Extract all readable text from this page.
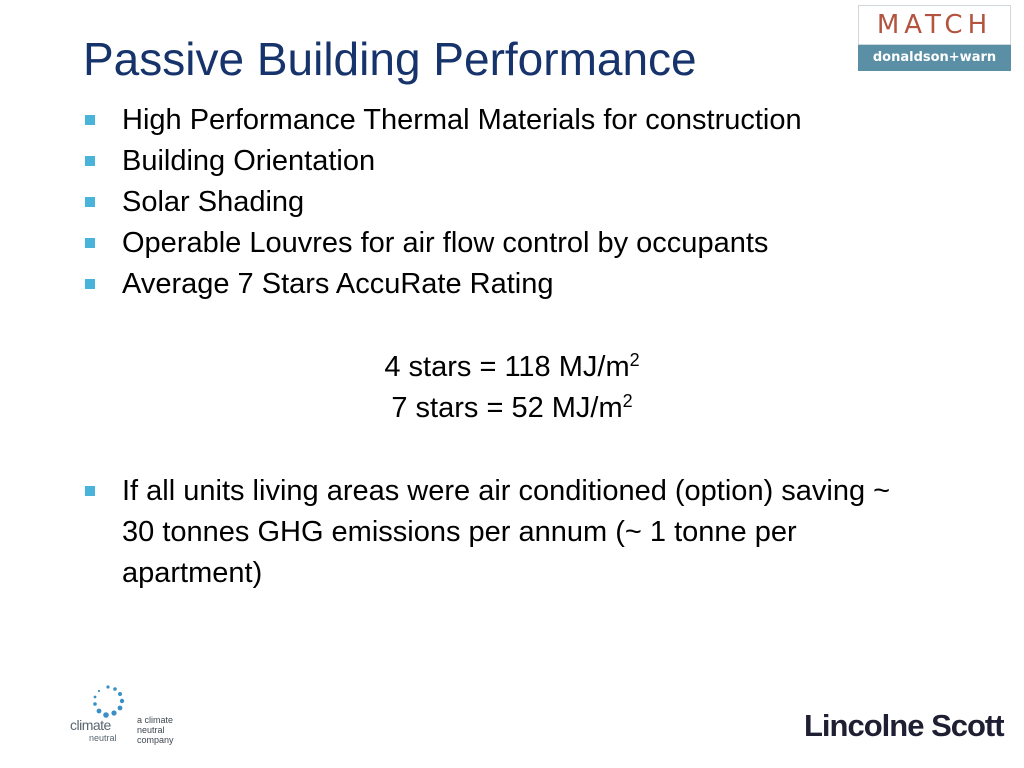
Passive Building Performance
High Performance Thermal Materials for construction
Building Orientation
Solar Shading
Operable Louvres for air flow control by occupants
Average 7 Stars AccuRate Rating
4 stars = 118 $MJ/m^2$
7 stars = 52 $MJ/m^2$
If all units living areas were air conditioned (option) saving ~ 30 tonnes GHG emissions per annum (~ 1 tonne per apartment)
MATCH
donaldson+warn
climate
neutral
a climate
neutral
company	Lincolne Scott
